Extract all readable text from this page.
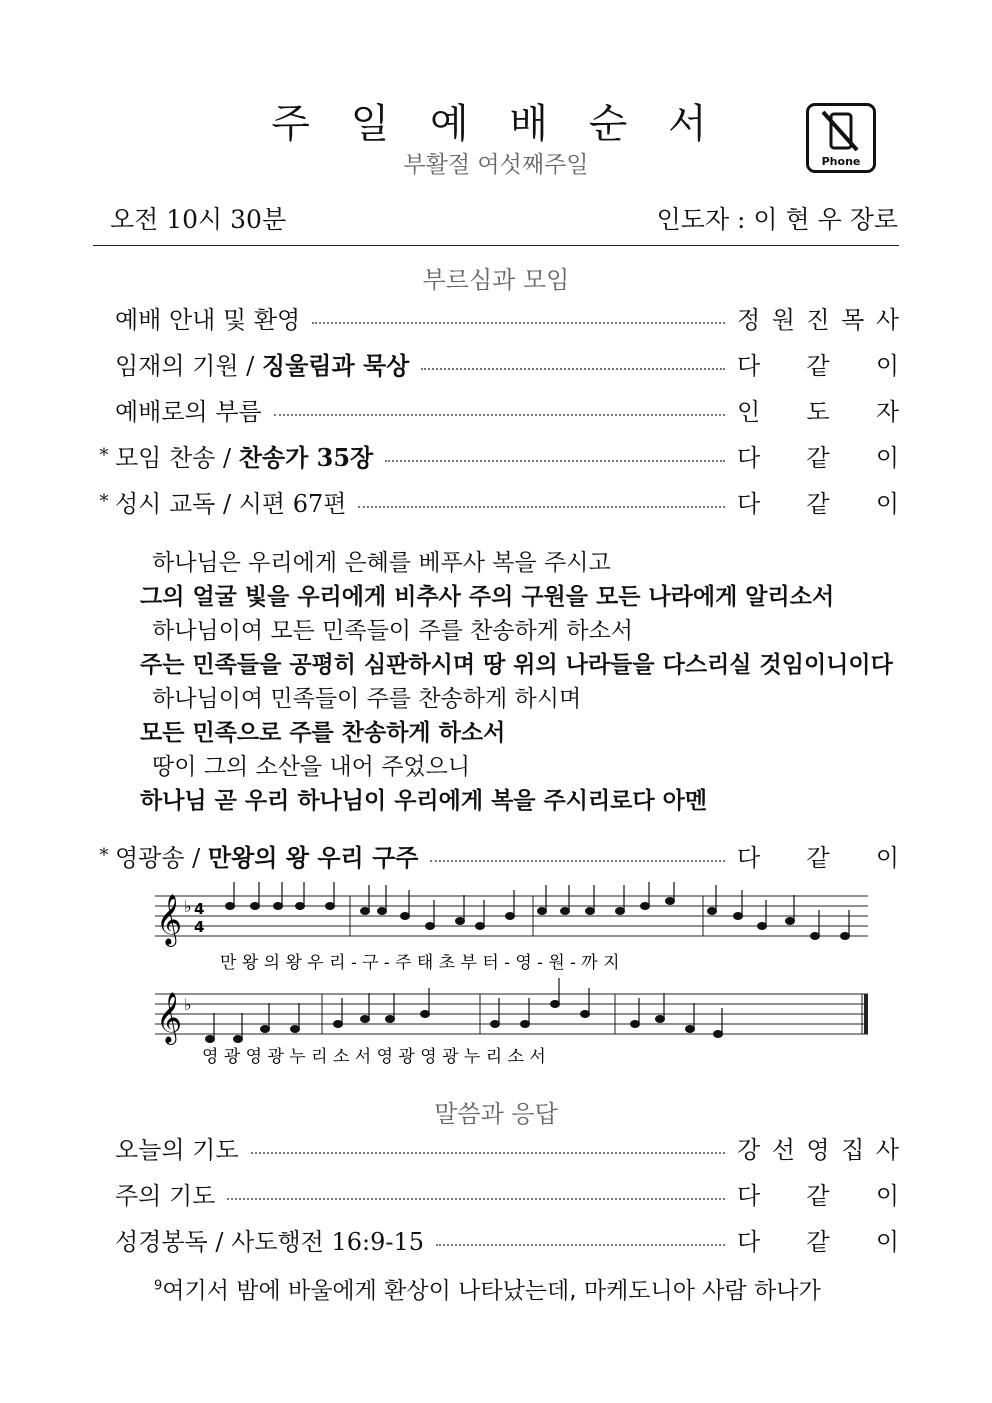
주 일 예 배 순 서
부활절 여섯째주일	Phone
오전 10시 30분	인도자 : 이 현 우 장로
부르심과 모임
예배 안내 및 환영	정 원 진 목 사
임재의 기원 / 징울림과 묵상	다 같 이
예배로의 부름	인 도 자
* 모임 찬송 / 찬송가 35장	다 같 이
* 성시 교독 / 시편 67편	다 같 이
하나님은 우리에게 은혜를 베푸사 복을 주시고
그의 얼굴 빛을 우리에게 비추사 주의 구원을 모든 나라에게 알리소서
하나님이여 모든 민족들이 주를 찬송하게 하소서
주는 민족들을 공평히 심판하시며 땅 위의 나라들을 다스리실 것임이니이다
하나님이여 민족들이 주를 찬송하게 하시며
모든 민족으로 주를 찬송하게 하소서
땅이 그의 소산을 내어 주었으니
하나님 곧 우리 하나님이 우리에게 복을 주시리로다 아멘
* 영광송 / 만왕의 왕 우리 구주	다 같 이
𝄞
𝄞
♭
♭
4
4
만 왕 의 왕 우 리 - 구 - 주 태 초 부 터 - 영 - 원 - 까 지
영 광 영 광 누 리 소 서 영 광 영 광 누 리 소 서
말씀과 응답
오늘의 기도	강 선 영 집 사
주의 기도	다 같 이
성경봉독 / 사도행전 16:9-15	다 같 이
$^9$여기서 밤에 바울에게 환상이 나타났는데, 마케도니아 사람 하나가
